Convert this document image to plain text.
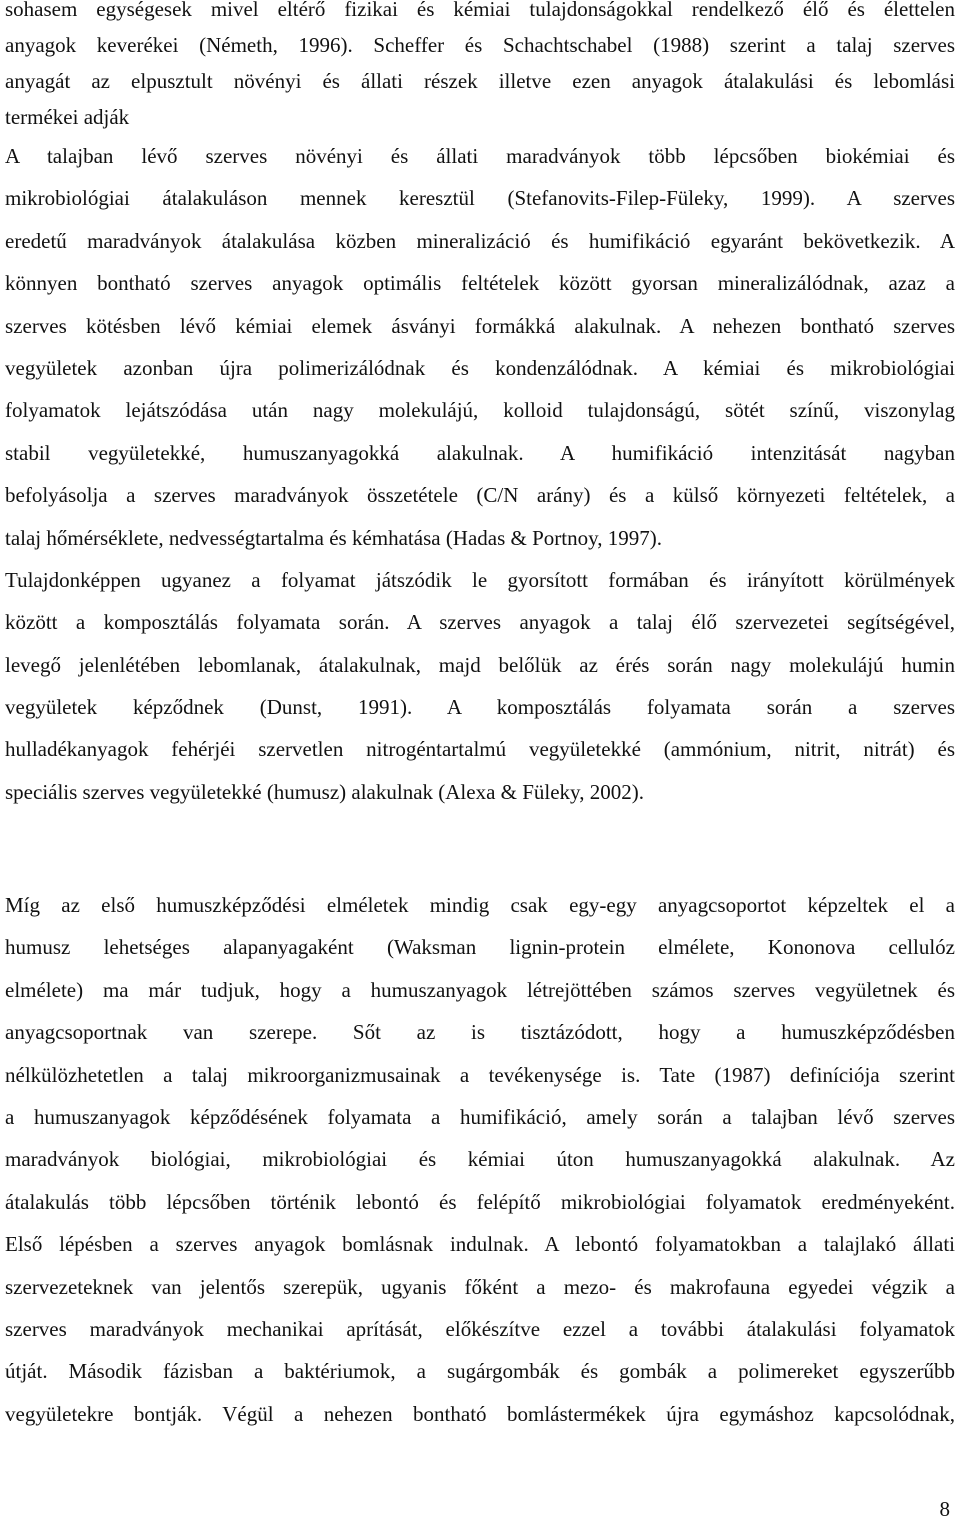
sohasem egységesek mivel eltérő fizikai és kémiai tulajdonságokkal rendelkező élő és élettelen
anyagok keverékei (Németh, 1996). Scheffer és Schachtschabel (1988) szerint a talaj szerves
anyagát az elpusztult növényi és állati részek illetve ezen anyagok átalakulási és lebomlási
termékei adják
A talajban lévő szerves növényi és állati maradványok több lépcsőben biokémiai és
mikrobiológiai átalakuláson mennek keresztül (Stefanovits-Filep-Füleky, 1999). A szerves
eredetű maradványok átalakulása közben mineralizáció és humifikáció egyaránt bekövetkezik. A
könnyen bontható szerves anyagok optimális feltételek között gyorsan mineralizálódnak, azaz a
szerves kötésben lévő kémiai elemek ásványi formákká alakulnak. A nehezen bontható szerves
vegyületek azonban újra polimerizálódnak és kondenzálódnak. A kémiai és mikrobiológiai
folyamatok lejátszódása után nagy molekulájú, kolloid tulajdonságú, sötét színű, viszonylag
stabil vegyületekké, humuszanyagokká alakulnak. A humifikáció intenzitását nagyban
befolyásolja a szerves maradványok összetétele (C/N arány) és a külső környezeti feltételek, a
talaj hőmérséklete, nedvességtartalma és kémhatása (Hadas & Portnoy, 1997).
Tulajdonképpen ugyanez a folyamat játszódik le gyorsított formában és irányított körülmények
között a komposztálás folyamata során. A szerves anyagok a talaj élő szervezetei segítségével,
levegő jelenlétében lebomlanak, átalakulnak, majd belőlük az érés során nagy molekulájú humin
vegyületek képződnek (Dunst, 1991). A komposztálás folyamata során a szerves
hulladékanyagok fehérjéi szervetlen nitrogéntartalmú vegyületekké (ammónium, nitrit, nitrát) és
speciális szerves vegyületekké (humusz) alakulnak (Alexa & Füleky, 2002).
Míg az első humuszképződési elméletek mindig csak egy-egy anyagcsoportot képzeltek el a
humusz lehetséges alapanyagaként (Waksman lignin-protein elmélete, Kononova cellulóz
elmélete) ma már tudjuk, hogy a humuszanyagok létrejöttében számos szerves vegyületnek és
anyagcsoportnak van szerepe. Sőt az is tisztázódott, hogy a humuszképződésben
nélkülözhetetlen a talaj mikroorganizmusainak a tevékenysége is. Tate (1987) definíciója szerint
a humuszanyagok képződésének folyamata a humifikáció, amely során a talajban lévő szerves
maradványok biológiai, mikrobiológiai és kémiai úton humuszanyagokká alakulnak. Az
átalakulás több lépcsőben történik lebontó és felépítő mikrobiológiai folyamatok eredményeként.
Első lépésben a szerves anyagok bomlásnak indulnak. A lebontó folyamatokban a talajlakó állati
szervezeteknek van jelentős szerepük, ugyanis főként a mezo- és makrofauna egyedei végzik a
szerves maradványok mechanikai aprítását, előkészítve ezzel a további átalakulási folyamatok
útját. Második fázisban a baktériumok, a sugárgombák és gombák a polimereket egyszerűbb
vegyületekre bontják. Végül a nehezen bontható bomlástermékek újra egymáshoz kapcsolódnak,
8
